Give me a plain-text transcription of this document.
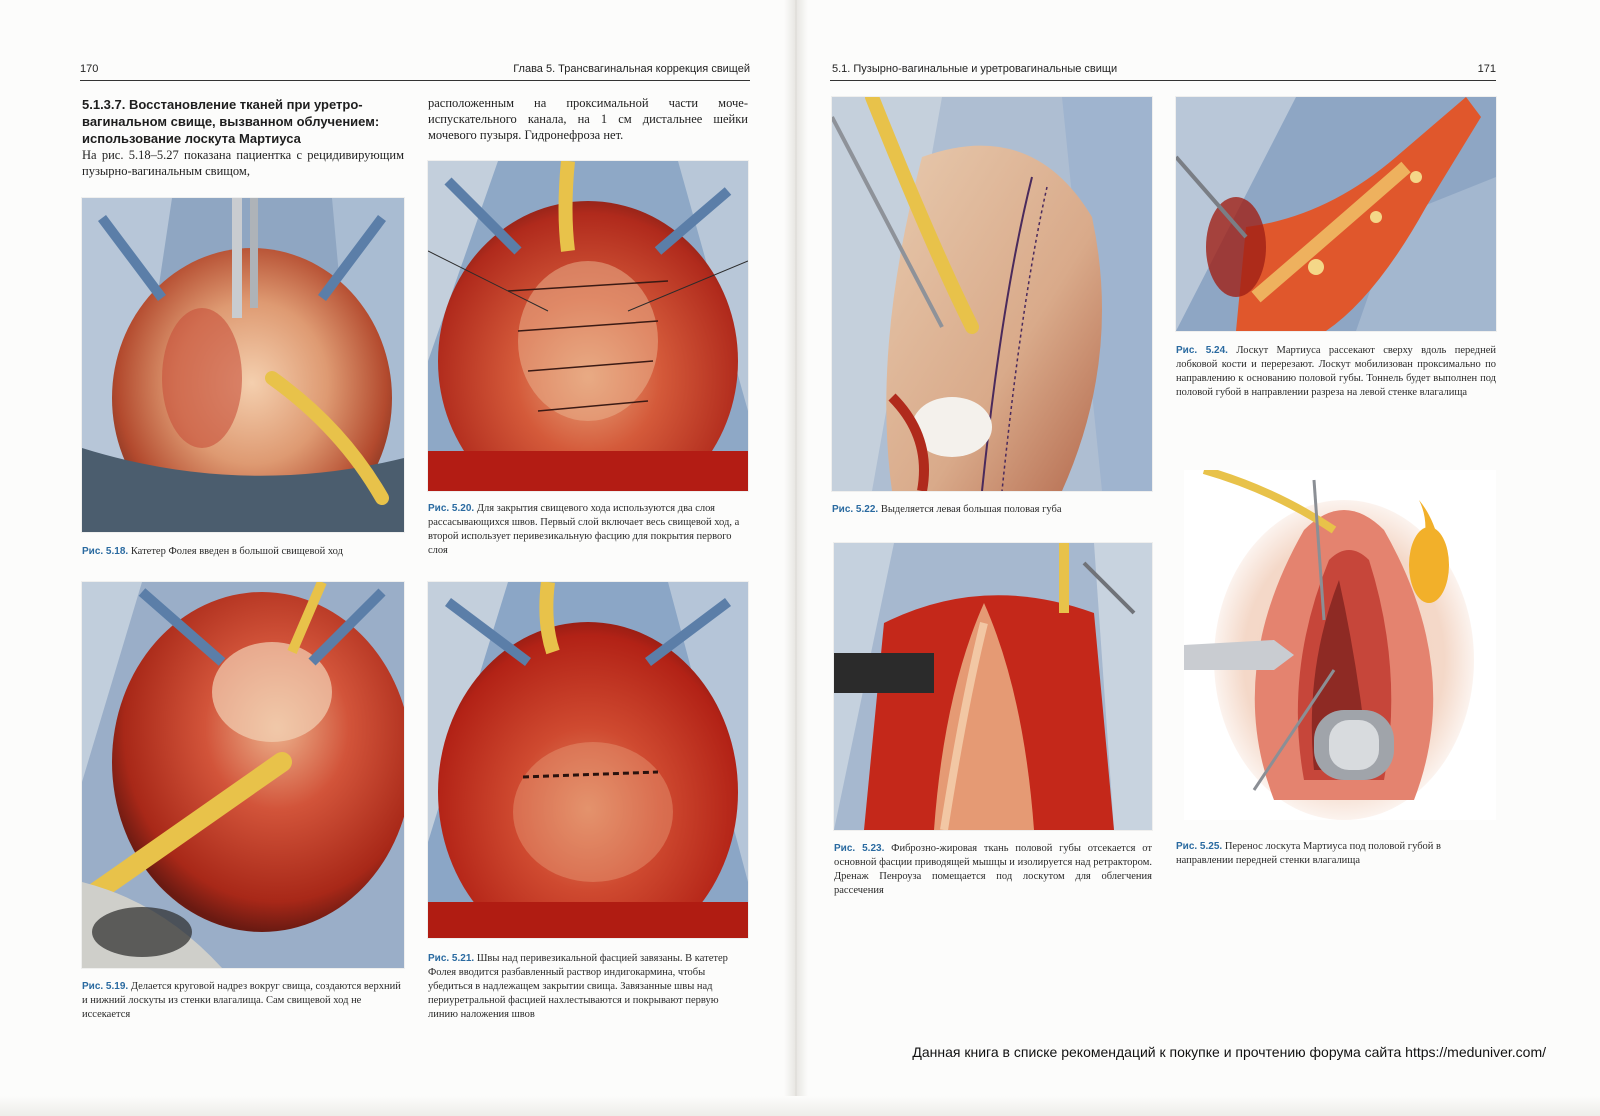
170	Глава 5. Трансвагинальная коррекция свищей
5.1.3.7. Восстановление тканей при уретро-вагинальном свище, вызванном облучением: использование лоскута Мартиуса
На рис. 5.18–5.27 показана пациентка с рецидивирующим пузырно-вагинальным свищом,
расположенным на проксимальной части моче-испускательного канала, на 1 см дистальнее шейки мочевого пузыря. Гидронефроза нет.
Рис. 5.18. Катетер Фолея введен в большой свищевой ход
Рис. 5.20. Для закрытия свищевого хода используются два слоя рассасывающихся швов. Первый слой включает весь свищевой ход, а второй использует перивезикальную фасцию для покрытия первого слоя
Рис. 5.19. Делается круговой надрез вокруг свища, создаются верхний и нижний лоскуты из стенки влагалища. Сам свищевой ход не иссекается
Рис. 5.21. Швы над перивезикальной фасцией завязаны. В катетер Фолея вводится разбавленный раствор индигокармина, чтобы убедиться в надлежащем закрытии свища. Завязанные швы над периуретральной фасцией нахлестываются и покрывают первую линию наложения швов
5.1. Пузырно-вагинальные и уретровагинальные свищи	171
Рис. 5.22. Выделяется левая большая половая губа
Рис. 5.24. Лоскут Мартиуса рассекают сверху вдоль передней лобковой кости и перерезают. Лоскут мобилизован проксимально по направлению к основанию половой губы. Тоннель будет выполнен под половой губой в направлении разреза на левой стенке влагалища
Рис. 5.23. Фиброзно-жировая ткань половой губы отсекается от основной фасции приводящей мышцы и изолируется над ретрактором. Дренаж Пенроуза помещается под лоскутом для облегчения рассечения
Рис. 5.25. Перенос лоскута Мартиуса под половой губой в направлении передней стенки влагалища
Данная книга в списке рекомендаций к покупке и прочтению форума сайта https://meduniver.com/
